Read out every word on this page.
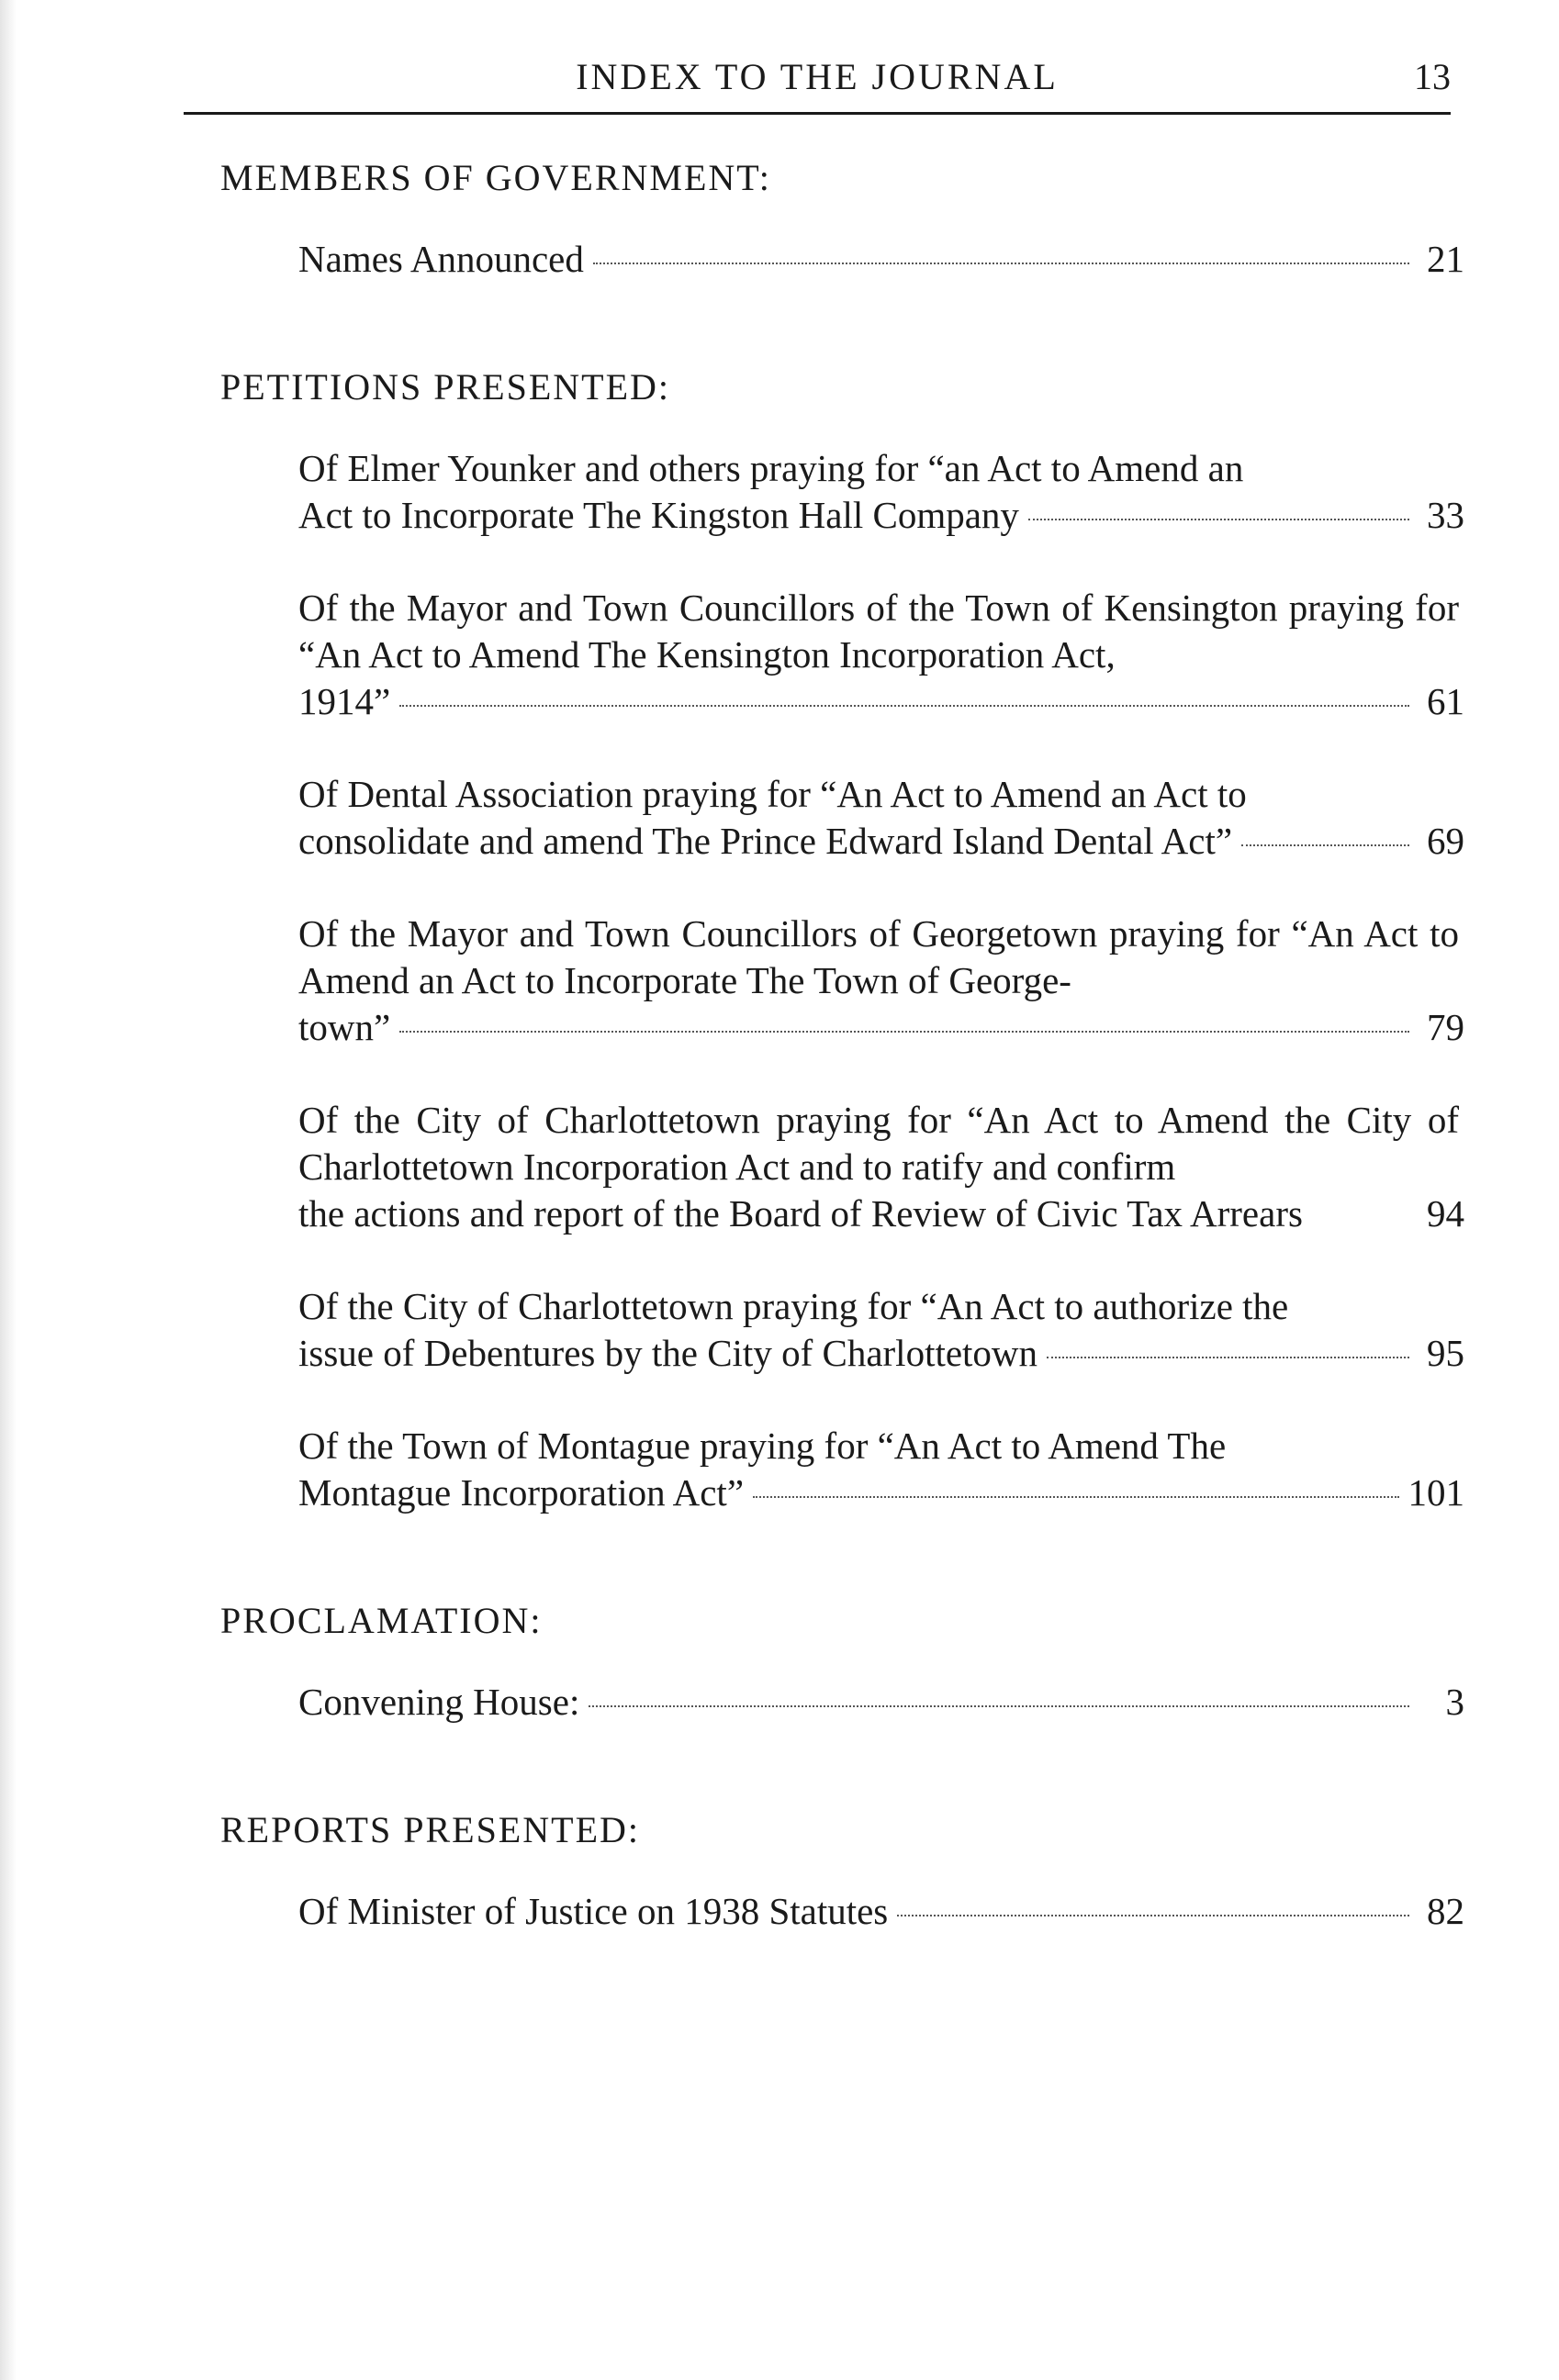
INDEX TO THE JOURNAL	13
MEMBERS OF GOVERNMENT:
Names Announced	21
PETITIONS PRESENTED:
Of Elmer Younker and others praying for “an Act to Amend an
Act to Incorporate The Kingston Hall Company	33
Of the Mayor and Town Councillors of the Town of Kensington praying for “An Act to Amend The Kensington Incorporation Act,
1914”	61
Of Dental Association praying for “An Act to Amend an Act to
consolidate and amend The Prince Edward Island Dental Act”	69
Of the Mayor and Town Councillors of Georgetown praying for “An Act to Amend an Act to Incorporate The Town of George-
town”	79
Of the City of Charlottetown praying for “An Act to Amend the City of Charlottetown Incorporation Act and to ratify and confirm
the actions and report of the Board of Review of Civic Tax Arrears	94
Of the City of Charlottetown praying for “An Act to authorize the
issue of Debentures by the City of Charlottetown	95
Of the Town of Montague praying for “An Act to Amend The
Montague Incorporation Act”	101
PROCLAMATION:
Convening House:	3
REPORTS PRESENTED:
Of Minister of Justice on 1938 Statutes	82
